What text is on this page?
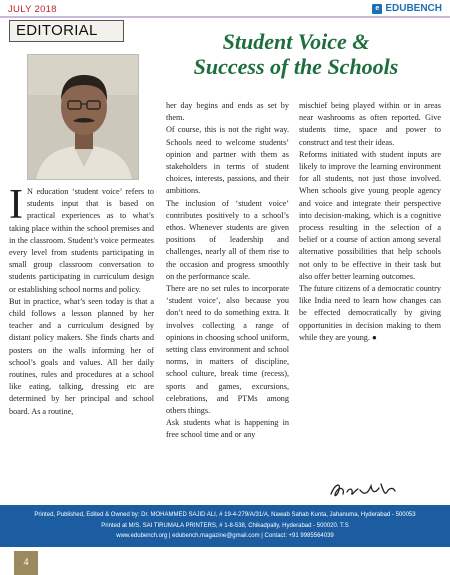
JULY 2018	e EDUBENCH
EDITORIAL	Student Voice &
Success of the Schools
I N education ‘student voice’ refers to students input that is based on practical experiences as to what’s taking place within the school premises and in the classroom. Student’s voice permeates every level from students participating in small group classroom conversation to students participating in curriculum design or establishing school norms and policy.

But in practice, what’s seen today is that a child follows a lesson planned by her teacher and a curriculum designed by distant policy makers. She finds charts and posters on the walls informing her of school’s goals and values. All her daily routines, rules and procedures at a school like eating, talking, dressing etc are determined by her principal and school board. As a routine,

her day begins and ends as set by them.

Of course, this is not the right way. Schools need to welcome students’ opinion and partner with them as stakeholders in terms of student choices, interests, passions, and their ambitions.

The inclusion of ‘student voice’ contributes positively to a school’s ethos. Whenever students are given positions of leadership and challenges, nearly all of them rise to the occasion and progress smoothly on the performance scale.

There are no set rules to incorporate ‘student voice’, also because you don’t need to do something extra. It involves collecting a range of opinions in choosing school uniform, setting class environment and school norms, in matters of discipline, school culture, break time (recess), sports and games, excursions, celebrations, and PTMs among others things.

Ask students what is happening in free school time and or any

mischief being played within or in areas near washrooms as often reported. Give students time, space and power to construct and test their ideas.

Reforms initiated with student inputs are likely to improve the learning environment for all students, not just those involved. When schools give young people agency and voice and integrate their perspective into decision-making, which is a cognitive process resulting in the selection of a belief or a course of action among several alternative possibilities that help schools not only to be effective in their task but also offer better learning outcomes.

The future citizens of a democratic country like India need to learn how changes can be effected democratically by giving opportunities in decision making to them while they are young. ●

Printed, Published, Edited & Owned by: Dr. MOHAMMED SAJID ALI, # 19-4-279/A/31/A, Nawab Sahab Kunta, Jahanuma, Hyderabad - 500053
Printed at M/S. SAI TIRUMALA PRINTERS, # 1-8-538, Chikadpally, Hyderabad - 500020. T.S
www.edubench.org | edubench.magazine@gmail.com | Contact: +91 9985564039
4
